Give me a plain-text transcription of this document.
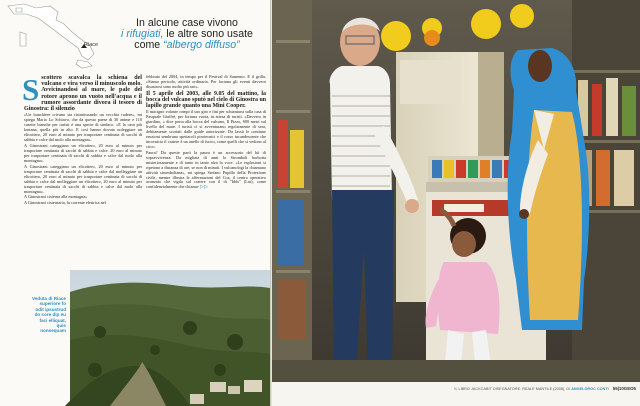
Riace
In alcune case vivono
i rifugiati, le altre sono usate
come “albergo diffuso”
Sscottero scavalca la schiena del vulcano e vira verso il minuscolo molo. Avvicinandosi al mare, le pale del rotore aprono un vuoto nell'acqua e il rumore assordante divora il tesoro di Ginostra: il silenzio

«Un bunchiere crivano sta ristrutturando un vecchio rudere», mi spiega Mario Lo Schiavo, che da questo paese di 30 anime e 110 casette bianche per turisti è una specie di sindaco. «E la casa più lontana, quella più in alto. E così hanno dovuto noleggiare un elicottero, 20 euro al minuto per trasportare centinaia di sacchi di sabbia e calce dal molo alla montagna».

A Ginostrani categgiano un elicottero, 20 euro al minuto per trasportare centinaia di sacchi di sabbia e calce. 20 euro al minuto per trasportare centinaia di sacchi di sabbia e calce dal molo alla montagna».

A Ginostrani categgiano un elicottero, 20 euro al minuto per trasportare centinaia di sacchi di sabbia e calce dal molleggiare un elicottero, 20 euro al minuto per trasportare centinaia di sacchi di sabbia e calce dal molleggiare un elicottero, 20 euro al minuto per trasportare centinaia di sacchi di sabbia e calce dal molo alla montagna».

A Ginostrani cisterna alla montagna»

A Ginostrani cisternaria, la corrente elettrica nel

febbraio del 2004, in tempo per il Festival di Sanremo. E il grilla. «Siamo pericolo, attività ordinaria. Per fortuna gli eventi davvero disastrosi sono molto più rari».

Il 5 aprile del 2003, alle 9.05 del mattino, la bocca del vulcano sputò nel cielo di Ginostra un lapillo grande quanto una Mini Cooper.

Il macigno volante compi il suo giro e finì per schiantarsi sulla casa di Pasquale Giuffrè, per fortuna vuota, in attesa di turisti. «Davvero in giardino, » dice porta alla bocca del vulcano, Il Pizzo, 900 metri sul livello del mare. I turisti ci si avventurano regolarmente di sera, debitamente scortati dalle guide autorizzate. Da lassù le continue eruzioni sembrano spettacoli pirotecnici e il rosso incandescente che incornicia il cratere è un anello di fuoco, come quelli che si vedono al circo.

Paura? Da queste parti la paura è un accessorio del kit di sopravvivenza. Da migliaia di anni lo Stromboli borbotta misteriosamente e di tanto in tanto alza la voce. «Le esplosioni si ripetono a distanza di ore, se non di minuti. I vulcanologi la chiamano attività stromboliana», mi spiega Stefano Pupillo della Protezione civile, mentre illustra le affermazioni del Coa, il centro operativo avanzato che vigila sul cratere con il di "Idds" (Lui), come confidenzialmente che chiama-▷▷

Veduta di Riace superiore fo odit ipsustrud do core dip eu faci elliquat, quis nonsequam
IL LIBRO JACKCABIT DISEGNATORE. REALE MANTILE (2008), DI ANGELOROC CONTI 55|10GEO5
